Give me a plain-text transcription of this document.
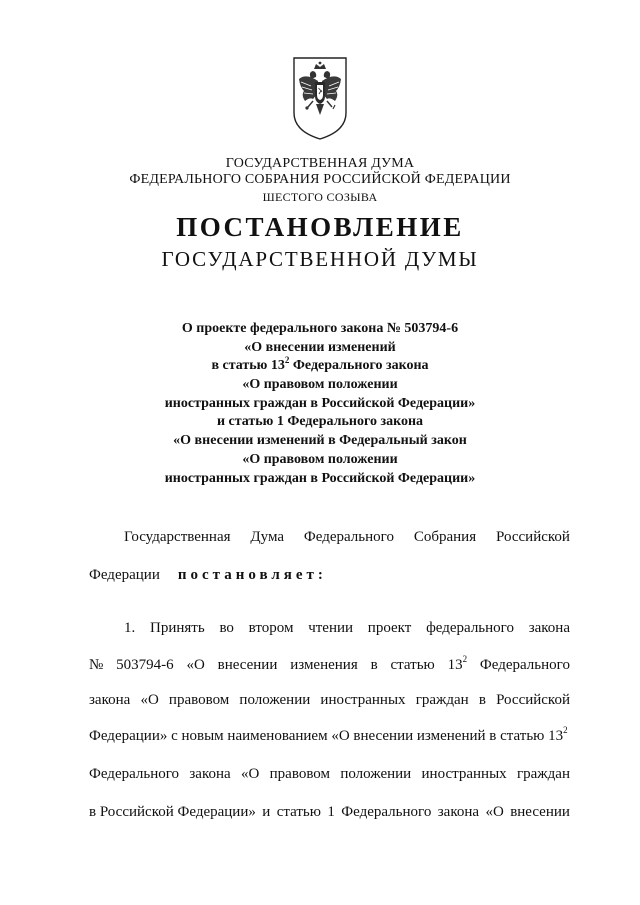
ГОСУДАРСТВЕННАЯ ДУМА
ФЕДЕРАЛЬНОГО СОБРАНИЯ РОССИЙСКОЙ ФЕДЕРАЦИИ
ШЕСТОГО СОЗЫВА
ПОСТАНОВЛЕНИЕ
ГОСУДАРСТВЕННОЙ ДУМЫ
О проекте федерального закона № 503794-6
«О внесении изменений
в статью $13^2$ Федерального закона
«О правовом положении
иностранных граждан в Российской Федерации»
и статью 1 Федерального закона
«О внесении изменений в Федеральный закон
«О правовом положении
иностранных граждан в Российской Федерации»
Государственная Дума Федерального Собрания Российской
Федерации постановляет:
1. Принять во втором чтении проект федерального закона
№ 503794-6 «О внесении изменения в статью $13^2$ Федерального
закона «О правовом положении иностранных граждан в Российской
Федерации» с новым наименованием «О внесении изменений в статью $13^2$
Федерального закона «О правовом положении иностранных граждан
в Российской Федерации» и статью 1 Федерального закона «О внесении
